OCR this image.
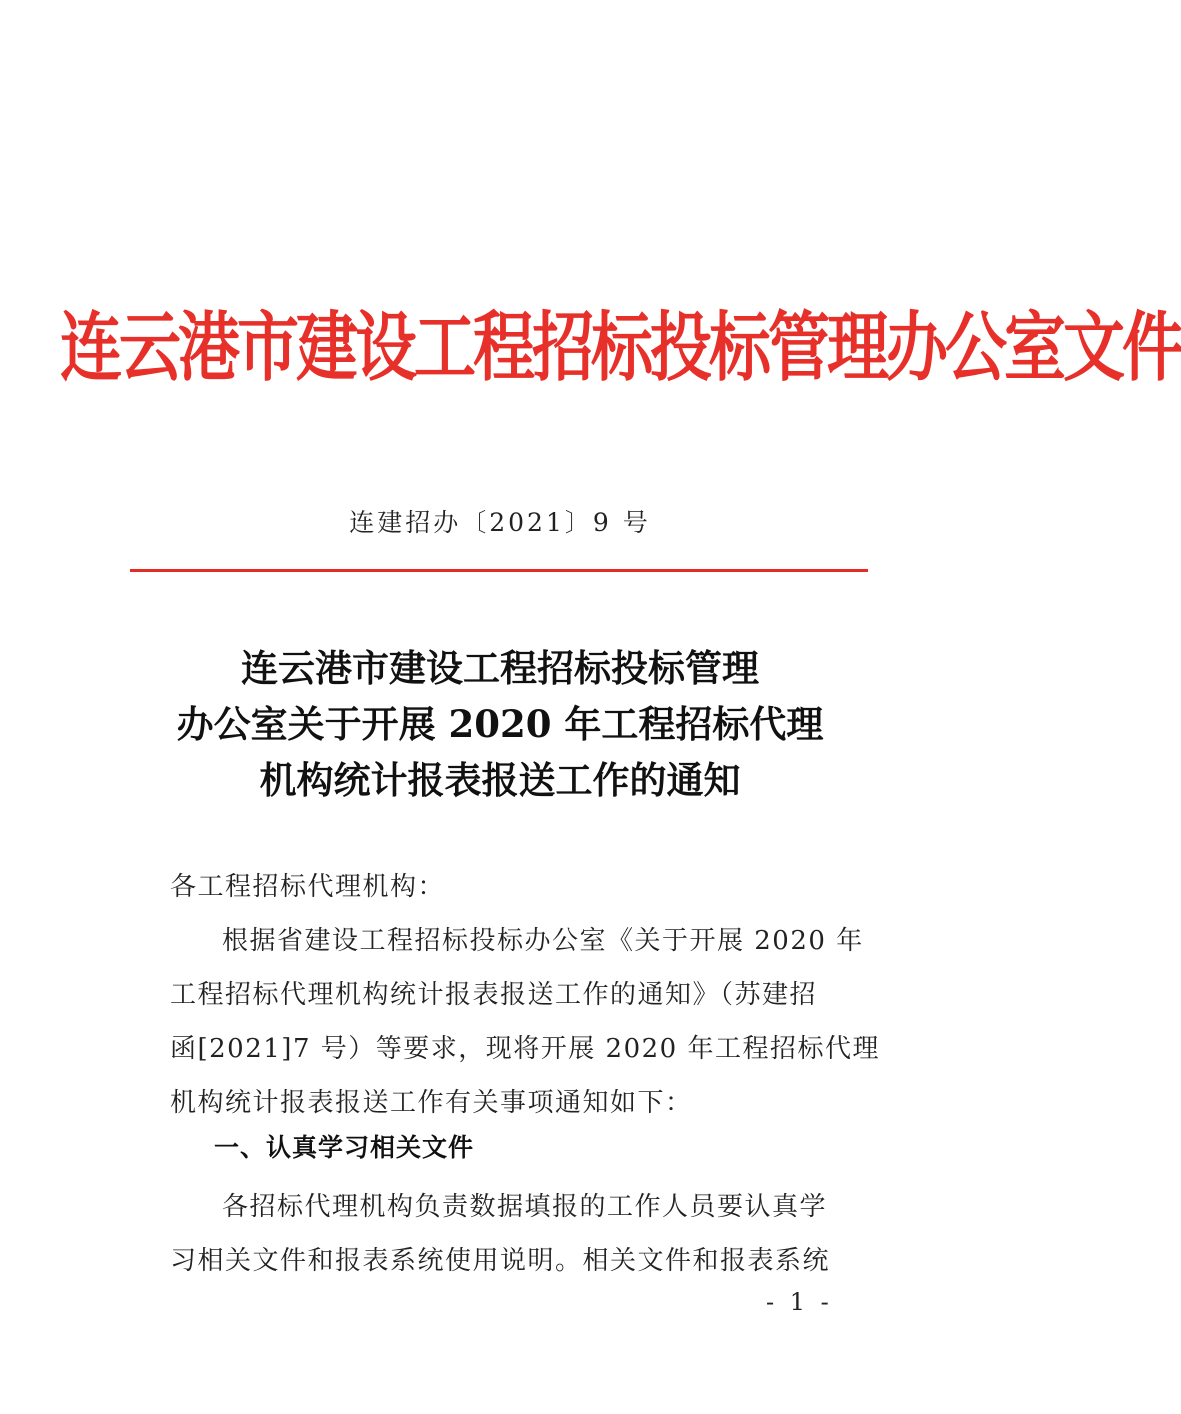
连云港市建设工程招标投标管理办公室文件
连建招办〔2021〕9 号
连云港市建设工程招标投标管理
办公室关于开展 2020 年工程招标代理
机构统计报表报送工作的通知
各工程招标代理机构：
根据省建设工程招标投标办公室《关于开展 2020 年
工程招标代理机构统计报表报送工作的通知》（苏建招
函[2021]7 号）等要求，现将开展 2020 年工程招标代理
机构统计报表报送工作有关事项通知如下：
一、认真学习相关文件
各招标代理机构负责数据填报的工作人员要认真学
习相关文件和报表系统使用说明。相关文件和报表系统
- 1 -
